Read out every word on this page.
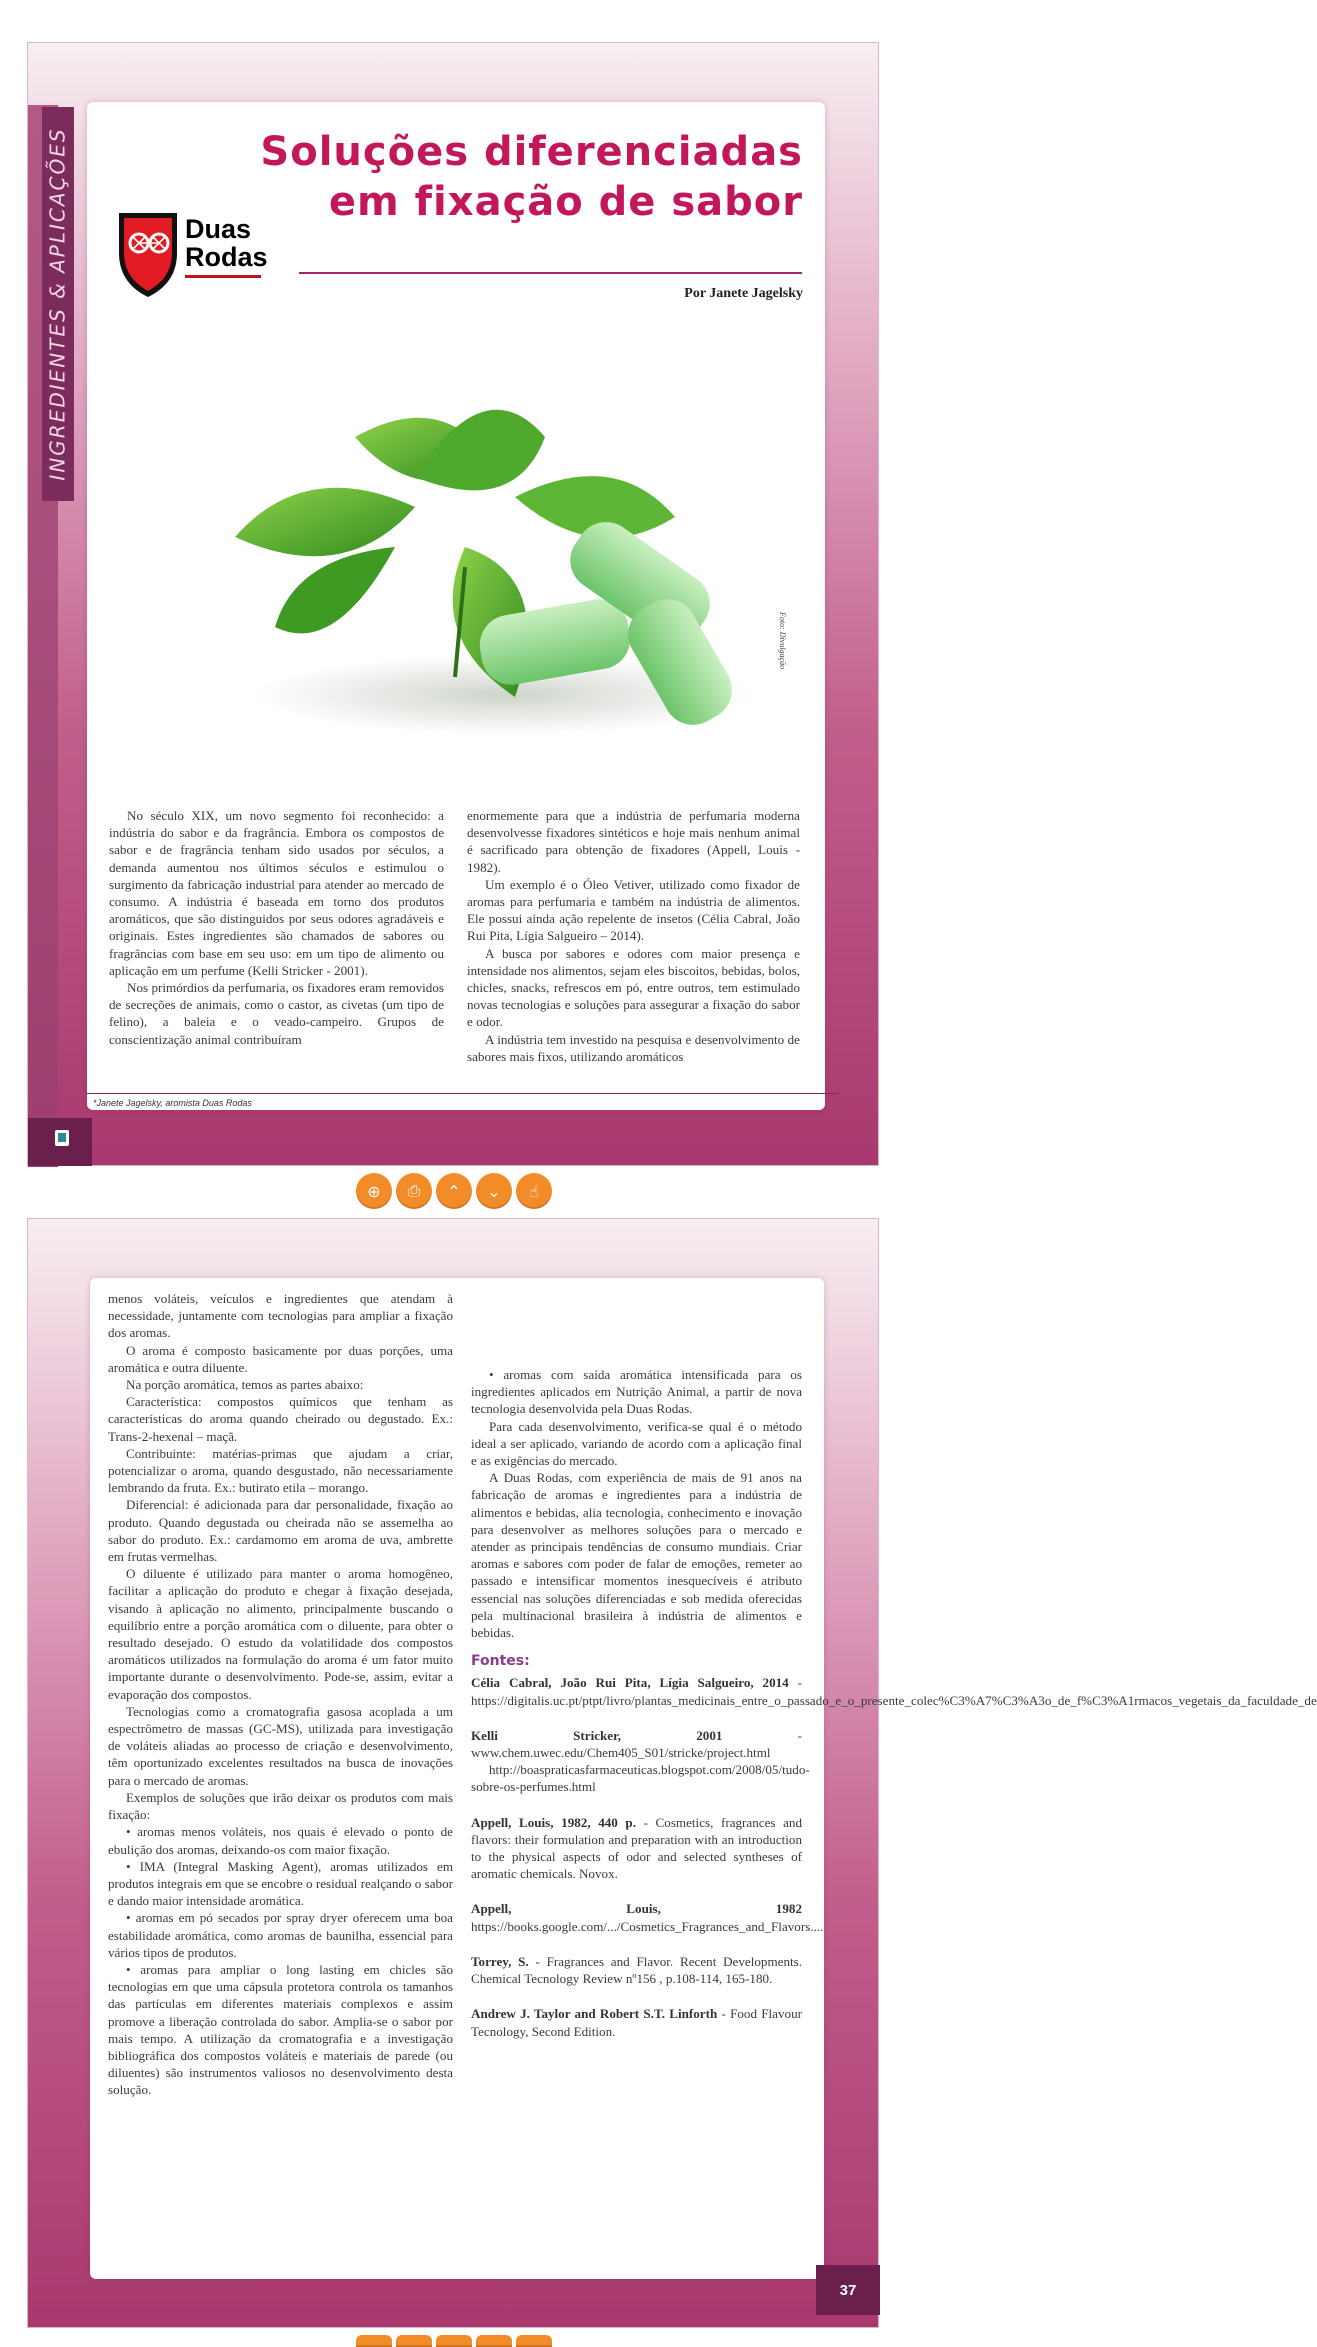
INGREDIENTES & APLICAÇÕES	Duas
Rodas
Soluções diferenciadas
em fixação de sabor
Por Janete Jagelsky
Foto: Divulgação

No século XIX, um novo segmento foi reconhecido: a indústria do sabor e da fragrância. Embora os compostos de sabor e de fragrância tenham sido usados por séculos, a demanda aumentou nos últimos séculos e estimulou o surgimento da fabricação industrial para atender ao mercado de consumo. A indústria é baseada em torno dos produtos aromáticos, que são distinguidos por seus odores agradáveis e originais. Estes ingredientes são chamados de sabores ou fragrâncias com base em seu uso: em um tipo de alimento ou aplicação em um perfume (Kelli Stricker - 2001).

Nos primórdios da perfumaria, os fixadores eram removidos de secreções de animais, como o castor, as civetas (um tipo de felino), a baleia e o veado-campeiro. Grupos de conscientização animal contribuíram

enormemente para que a indústria de perfumaria moderna desenvolvesse fixadores sintéticos e hoje mais nenhum animal é sacrificado para obtenção de fixadores (Appell, Louis - 1982).

Um exemplo é o Óleo Vetiver, utilizado como fixador de aromas para perfumaria e também na indústria de alimentos. Ele possui ainda ação repelente de insetos (Célia Cabral, João Rui Pita, Lígia Salgueiro – 2014).

A busca por sabores e odores com maior presença e intensidade nos alimentos, sejam eles biscoitos, bebidas, bolos, chicles, snacks, refrescos em pó, entre outros, tem estimulado novas tecnologias e soluções para assegurar a fixação do sabor e odor.

A indústria tem investido na pesquisa e desenvolvimento de sabores mais fixos, utilizando aromáticos

*Janete Jagelsky, aromista Duas Rodas
⊕	⎙	⌃	⌄	☝

menos voláteis, veículos e ingredientes que atendam à necessidade, juntamente com tecnologias para ampliar a fixação dos aromas.

O aroma é composto basicamente por duas porções, uma aromática e outra diluente.

Na porção aromática, temos as partes abaixo:

Característica: compostos químicos que tenham as características do aroma quando cheirado ou degustado. Ex.: Trans-2-hexenal – maçã.

Contribuinte: matérias-primas que ajudam a criar, potencializar o aroma, quando desgustado, não necessariamente lembrando da fruta. Ex.: butirato etila – morango.

Diferencial: é adicionada para dar personalidade, fixação ao produto. Quando degustada ou cheirada não se assemelha ao sabor do produto. Ex.: cardamomo em aroma de uva, ambrette em frutas vermelhas.

O diluente é utilizado para manter o aroma homogêneo, facilitar a aplicação do produto e chegar à fixação desejada, visando à aplicação no alimento, principalmente buscando o equilíbrio entre a porção aromática com o diluente, para obter o resultado desejado. O estudo da volatilidade dos compostos aromáticos utilizados na formulação do aroma é um fator muito importante durante o desenvolvimento. Pode-se, assim, evitar a evaporação dos compostos.

Tecnologias como a cromatografia gasosa acoplada a um espectrômetro de massas (GC-MS), utilizada para investigação de voláteis aliadas ao processo de criação e desenvolvimento, têm oportunizado excelentes resultados na busca de inovações para o mercado de aromas.

Exemplos de soluções que irão deixar os produtos com mais fixação:

• aromas menos voláteis, nos quais é elevado o ponto de ebulição dos aromas, deixando-os com maior fixação.

• IMA (Integral Masking Agent), aromas utilizados em produtos integrais em que se encobre o residual realçando o sabor e dando maior intensidade aromática.

• aromas em pó secados por spray dryer oferecem uma boa estabilidade aromática, como aromas de baunilha, essencial para vários tipos de produtos.

• aromas para ampliar o long lasting em chicles são tecnologias em que uma cápsula protetora controla os tamanhos das partículas em diferentes materiais complexos e assim promove a liberação controlada do sabor. Amplia-se o sabor por mais tempo. A utilização da cromatografia e a investigação bibliográfica dos compostos voláteis e materiais de parede (ou diluentes) são instrumentos valiosos no desenvolvimento desta solução.

• aromas com saída aromática intensificada para os ingredientes aplicados em Nutrição Animal, a partir de nova tecnologia desenvolvida pela Duas Rodas.

Para cada desenvolvimento, verifica-se qual é o método ideal a ser aplicado, variando de acordo com a aplicação final e as exigências do mercado.

A Duas Rodas, com experiência de mais de 91 anos na fabricação de aromas e ingredientes para a indústria de alimentos e bebidas, alia tecnologia, conhecimento e inovação para desenvolver as melhores soluções para o mercado e atender as principais tendências de consumo mundiais. Criar aromas e sabores com poder de falar de emoções, remeter ao passado e intensificar momentos inesquecíveis é atributo essencial nas soluções diferenciadas e sob medida oferecidas pela multinacional brasileira à indústria de alimentos e bebidas.

Fontes:

Célia Cabral, João Rui Pita, Lígia Salgueiro, 2014 - https://digitalis.uc.pt/ptpt/livro/plantas_medicinais_entre_o_passado_e_o_presente_colec%C3%A7%C3%A3o_de_f%C3%A1rmacos_vegetais_da_faculdade_de

Kelli Stricker, 2001 - www.chem.uwec.edu/Chem405_S01/stricke/project.html
http://boaspraticasfarmaceuticas.blogspot.com/2008/05/tudo-sobre-os-perfumes.html

Appell, Louis, 1982, 440 p. - Cosmetics, fragrances and flavors: their formulation and preparation with an introduction to the physical aspects of odor and selected syntheses of aromatic chemicals. Novox.

Appell, Louis, 1982 https://books.google.com/.../Cosmetics_Fragrances_and_Flavors....

Torrey, S. - Fragrances and Flavor. Recent Developments. Chemical Tecnology Review nº156 , p.108-114, 165-180.

Andrew J. Taylor and Robert S.T. Linforth - Food Flavour Tecnology, Second Edition.

37
